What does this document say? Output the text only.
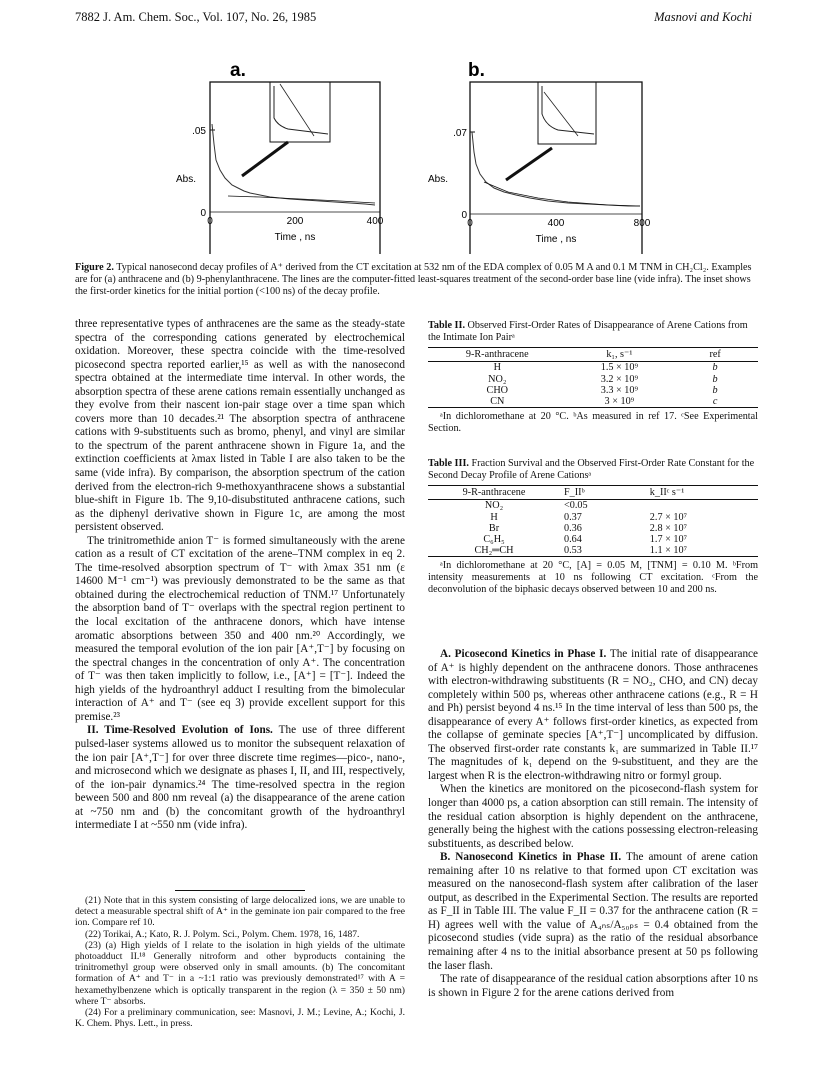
7882 J. Am. Chem. Soc., Vol. 107, No. 26, 1985	Masnovi and Kochi
a.
.05
Abs.
0
0	200	400
Time , ns
b.
.07
Abs.
0
0	400	800
Time , ns
Figure 2. Typical nanosecond decay profiles of A⁺ derived from the CT excitation at 532 nm of the EDA complex of 0.05 M A and 0.1 M TNM in CH₂Cl₂. Examples are for (a) anthracene and (b) 9-phenylanthracene. The lines are the computer-fitted least-squares treatment of the second-order base line (vide infra). The inset shows the first-order kinetics for the initial portion (<100 ns) of the decay profile.

three representative types of anthracenes are the same as the steady-state spectra of the corresponding cations generated by electrochemical oxidation. Moreover, these spectra coincide with the time-resolved picosecond spectra reported earlier,¹⁵ as well as with the nanosecond spectra obtained at the intermediate time interval. In other words, the absorption spectra of these arene cations remain essentially unchanged as they evolve from their nascent ion-pair stage over a time span which covers more than 10 decades.²¹ The absorption spectra of anthracene cations with 9-substituents such as bromo, phenyl, and vinyl are similar to the spectrum of the parent anthracene shown in Figure 1a, and the extinction coefficients at λmax listed in Table I are also taken to be the same (vide infra). By comparison, the absorption spectrum of the cation derived from the electron-rich 9-methoxyanthracene shows a substantial blue-shift in Figure 1b. The 9,10-disubstituted anthracene cations, such as the diphenyl derivative shown in Figure 1c, are among the most persistent observed.

The trinitromethide anion T⁻ is formed simultaneously with the arene cation as a result of CT excitation of the arene–TNM complex in eq 2. The time-resolved absorption spectrum of T⁻ with λmax 351 nm (ε 14600 M⁻¹ cm⁻¹) was previously demonstrated to be the same as that obtained during the electrochemical reduction of TNM.¹⁷ Unfortunately the absorption band of T⁻ overlaps with the spectral region pertinent to the local excitation of the anthracene donors, which have intense aromatic absorptions between 350 and 400 nm.²⁰ Accordingly, we measured the temporal evolution of the ion pair [A⁺,T⁻] by focusing on the spectral changes in the concentration of only A⁺. The concentration of T⁻ was then taken implicitly to follow, i.e., [A⁺] = [T⁻]. Indeed the high yields of the hydroanthryl adduct I resulting from the bimolecular interaction of A⁺ and T⁻ (see eq 3) provide excellent support for this premise.²³

II. Time-Resolved Evolution of Ions. The use of three different pulsed-laser systems allowed us to monitor the subsequent relaxation of the ion pair [A⁺,T⁻] for over three discrete time regimes—pico-, nano-, and microsecond which we designate as phases I, II, and III, respectively, of the ion-pair dynamics.²⁴ The time-resolved spectra in the region beween 500 and 800 nm reveal (a) the disappearance of the arene cation at ~750 nm and (b) the concomitant growth of the hydroanthryl intermediate I at ~550 nm (vide infra).

(21) Note that in this system consisting of large delocalized ions, we are unable to detect a measurable spectral shift of A⁺ in the geminate ion pair compared to the free ion. Compare ref 10.

(22) Torikai, A.; Kato, R. J. Polym. Sci., Polym. Chem. 1978, 16, 1487.

(23) (a) High yields of I relate to the isolation in high yields of the ultimate photoadduct II.¹⁸ Generally nitroform and other byproducts containing the trinitromethyl group were observed only in small amounts. (b) The concomitant formation of A⁺ and T⁻ in a ~1:1 ratio was previously demonstrated¹⁷ with A = hexamethylbenzene which is optically transparent in the region (λ = 350 ± 50 nm) where T⁻ absorbs.

(24) For a preliminary communication, see: Masnovi, J. M.; Levine, A.; Kochi, J. K. Chem. Phys. Lett., in press.

Table II. Observed First-Order Rates of Disappearance of Arene Cations from the Intimate Ion Pairᵃ
9-R-anthracene	k₁, s⁻¹	ref
H	1.5 × 10⁹	b
NO₂	3.2 × 10⁹	b
CHO	3.3 × 10⁹	b
CN	3 × 10⁹	c
ᵃIn dichloromethane at 20 °C. ᵇAs measured in ref 17. ᶜSee Experimental Section.
Table III. Fraction Survival and the Observed First-Order Rate Constant for the Second Decay Profile of Arene Cationsᵃ
9-R-anthracene	F_IIᵇ	k_IIᶜ s⁻¹
NO₂	<0.05	
H	0.37	2.7 × 10⁷
Br	0.36	2.8 × 10⁷
C₆H₅	0.64	1.7 × 10⁷
CH₂═CH	0.53	1.1 × 10⁷
ᵃIn dichloromethane at 20 °C, [A] = 0.05 M, [TNM] = 0.10 M. ᵇFrom intensity measurements at 10 ns following CT excitation. ᶜFrom the deconvolution of the biphasic decays observed between 10 and 200 ns.

A. Picosecond Kinetics in Phase I. The initial rate of disappearance of A⁺ is highly dependent on the anthracene donors. Those anthracenes with electron-withdrawing substituents (R = NO₂, CHO, and CN) decay completely within 500 ps, whereas other anthracene cations (e.g., R = H and Ph) persist beyond 4 ns.¹⁵ In the time interval of less than 500 ps, the disappearance of every A⁺ follows first-order kinetics, as expected from the collapse of geminate species [A⁺,T⁻] uncomplicated by diffusion. The observed first-order rate constants k₁ are summarized in Table II.¹⁷ The magnitudes of k₁ depend on the 9-substituent, and they are the largest when R is the electron-withdrawing nitro or formyl group.

When the kinetics are monitored on the picosecond-flash system for longer than 4000 ps, a cation absorption can still remain. The intensity of the residual cation absorption is highly dependent on the anthracene, generally being the highest with the cations possessing electron-releasing substituents, as described below.

B. Nanosecond Kinetics in Phase II. The amount of arene cation remaining after 10 ns relative to that formed upon CT excitation was measured on the nanosecond-flash system after calibration of the laser output, as described in the Experimental Section. The results are reported as F_II in Table III. The value F_II = 0.37 for the anthracene cation (R = H) agrees well with the value of A₄ₙₛ/A₅₀ₚₛ = 0.4 obtained from the picosecond studies (vide supra) as the ratio of the residual absorbance remaining after 4 ns to the initial absorbance present at 50 ps following the laser flash.

The rate of disappearance of the residual cation absorptions after 10 ns is shown in Figure 2 for the arene cations derived from
